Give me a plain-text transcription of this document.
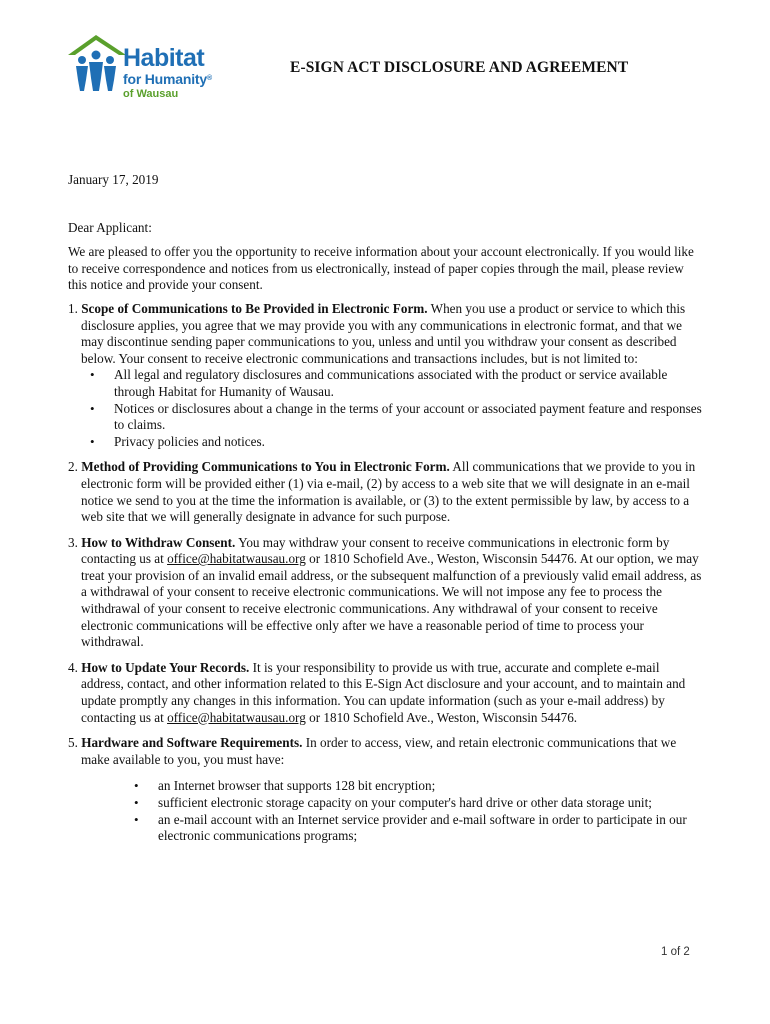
Habitat
for Humanity®
of Wausau
E-SIGN ACT DISCLOSURE AND AGREEMENT

January 17, 2019

Dear Applicant:

We are pleased to offer you the opportunity to receive information about your account electronically. If you would like to receive correspondence and notices from us electronically, instead of paper copies through the mail, please review this notice and provide your consent.

1. Scope of Communications to Be Provided in Electronic Form. When you use a product or service to which this disclosure applies, you agree that we may provide you with any communications in electronic format, and that we may discontinue sending paper communications to you, unless and until you withdraw your consent as described below. Your consent to receive electronic communications and transactions includes, but is not limited to:

• All legal and regulatory disclosures and communications associated with the product or service available through Habitat for Humanity of Wausau.
• Notices or disclosures about a change in the terms of your account or associated payment feature and responses to claims.
• Privacy policies and notices.

2. Method of Providing Communications to You in Electronic Form. All communications that we provide to you in electronic form will be provided either (1) via e-mail, (2) by access to a web site that we will designate in an e-mail notice we send to you at the time the information is available, or (3) to the extent permissible by law, by access to a web site that we will generally designate in advance for such purpose.

3. How to Withdraw Consent. You may withdraw your consent to receive communications in electronic form by contacting us at office@habitatwausau.org or 1810 Schofield Ave., Weston, Wisconsin 54476. At our option, we may treat your provision of an invalid email address, or the subsequent malfunction of a previously valid email address, as a withdrawal of your consent to receive electronic communications. We will not impose any fee to process the withdrawal of your consent to receive electronic communications. Any withdrawal of your consent to receive electronic communications will be effective only after we have a reasonable period of time to process your withdrawal.

4. How to Update Your Records. It is your responsibility to provide us with true, accurate and complete e-mail address, contact, and other information related to this E-Sign Act disclosure and your account, and to maintain and update promptly any changes in this information. You can update information (such as your e-mail address) by contacting us at office@habitatwausau.org or 1810 Schofield Ave., Weston, Wisconsin 54476.

5. Hardware and Software Requirements. In order to access, view, and retain electronic communications that we make available to you, you must have:

• an Internet browser that supports 128 bit encryption;
• sufficient electronic storage capacity on your computer's hard drive or other data storage unit;
• an e-mail account with an Internet service provider and e-mail software in order to participate in our electronic communications programs;
1 of 2
